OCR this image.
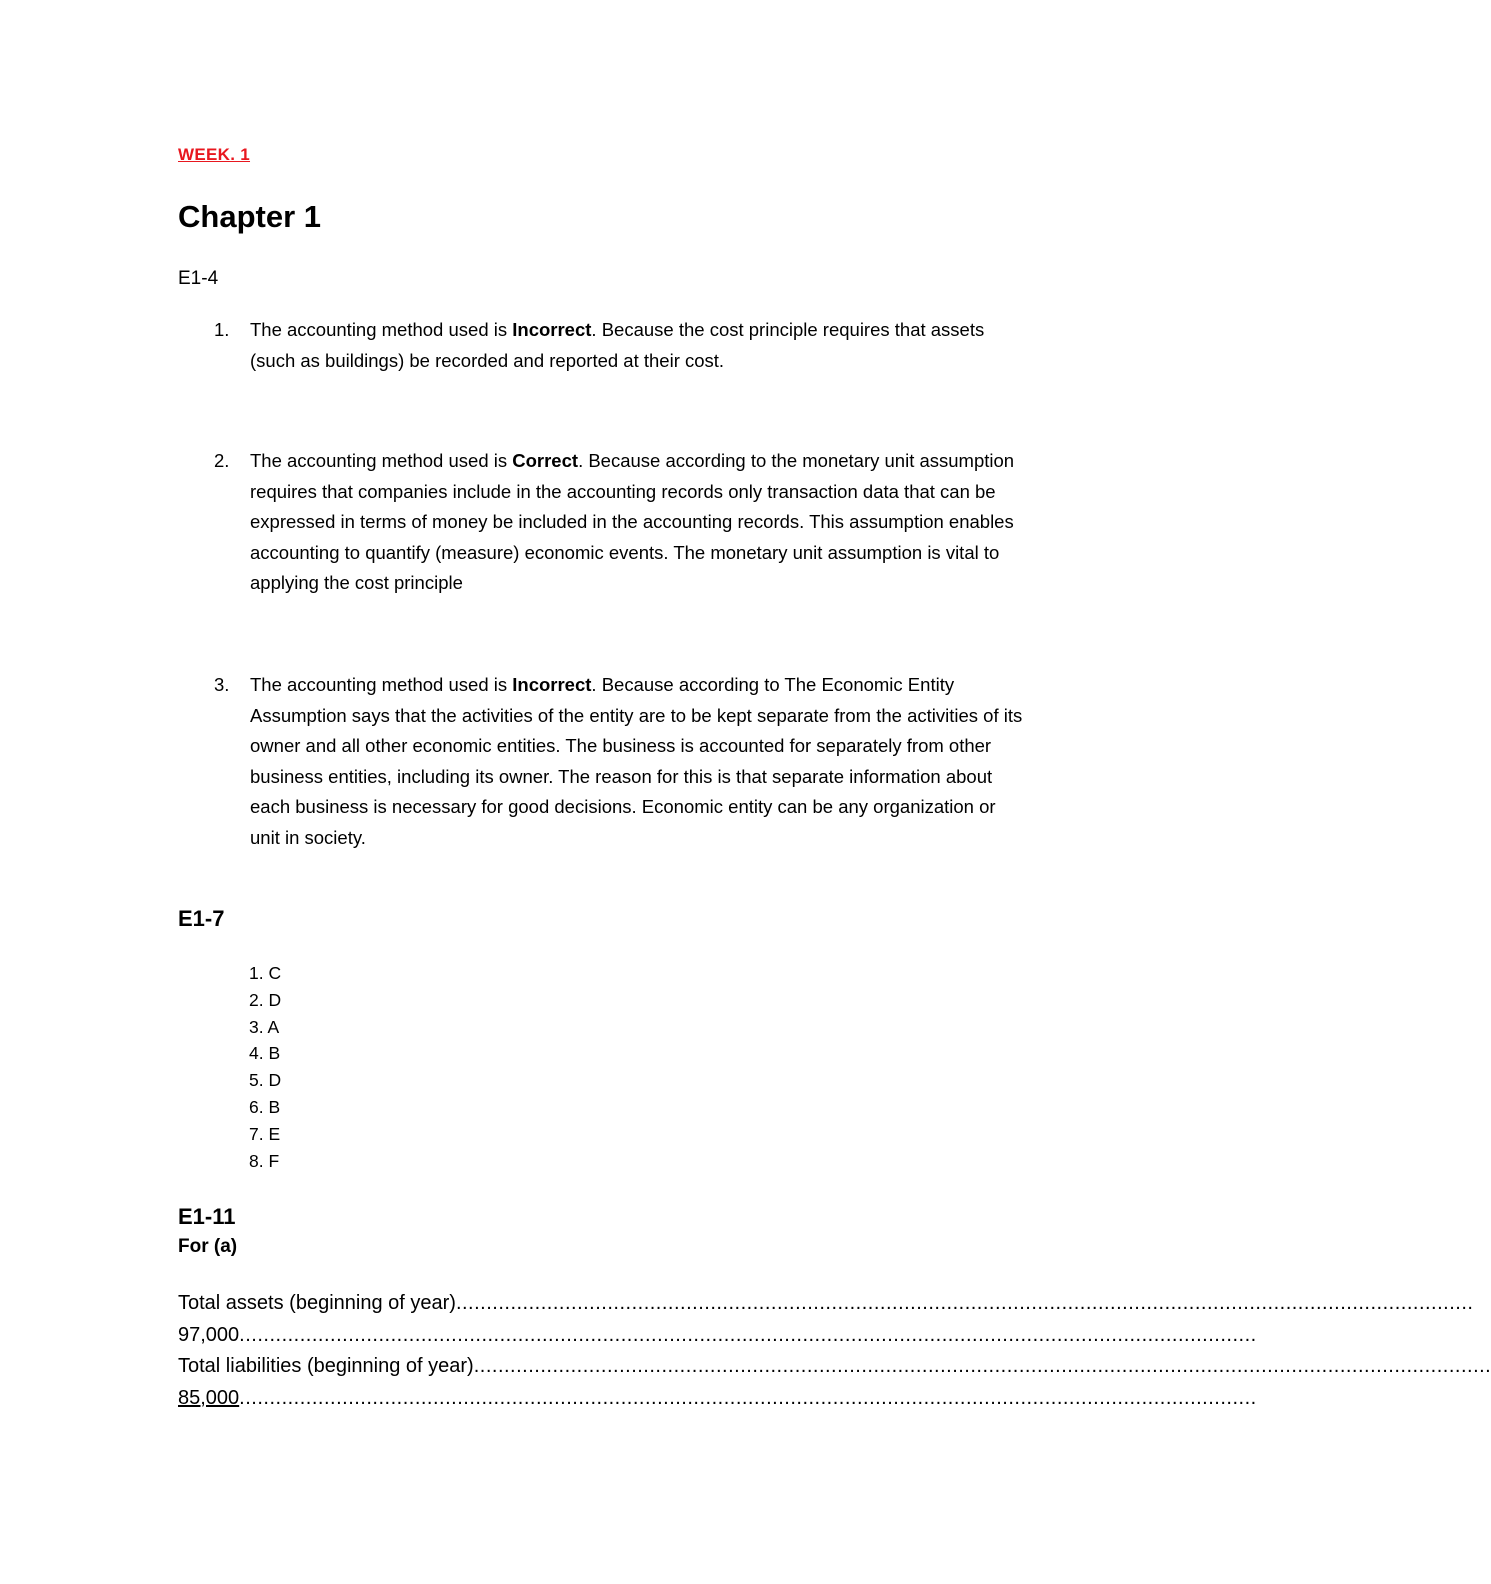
WEEK. 1
Chapter 1
E1-4
1. The accounting method used is Incorrect. Because the cost principle requires that assets (such as buildings) be recorded and reported at their cost.
2. The accounting method used is Correct. Because according to the monetary unit assumption requires that companies include in the accounting records only transaction data that can be expressed in terms of money be included in the accounting records. This assumption enables accounting to quantify (measure) economic events. The monetary unit assumption is vital to applying the cost principle
3. The accounting method used is Incorrect. Because according to The Economic Entity Assumption says that the activities of the entity are to be kept separate from the activities of its owner and all other economic entities. The business is accounted for separately from other business entities, including its owner. The reason for this is that separate information about each business is necessary for good decisions. Economic entity can be any organization or unit in society.
E1-7
1. C
2. D
3. A
4. B
5. D
6. B
7. E
8. F
E1-11
For (a)
Total assets (beginning of year) ........................................................................................................................................................................
97,000 ........................................................................................................................................................................
Total liabilities (beginning of year) ........................................................................................................................................................................
85,000 ........................................................................................................................................................................
